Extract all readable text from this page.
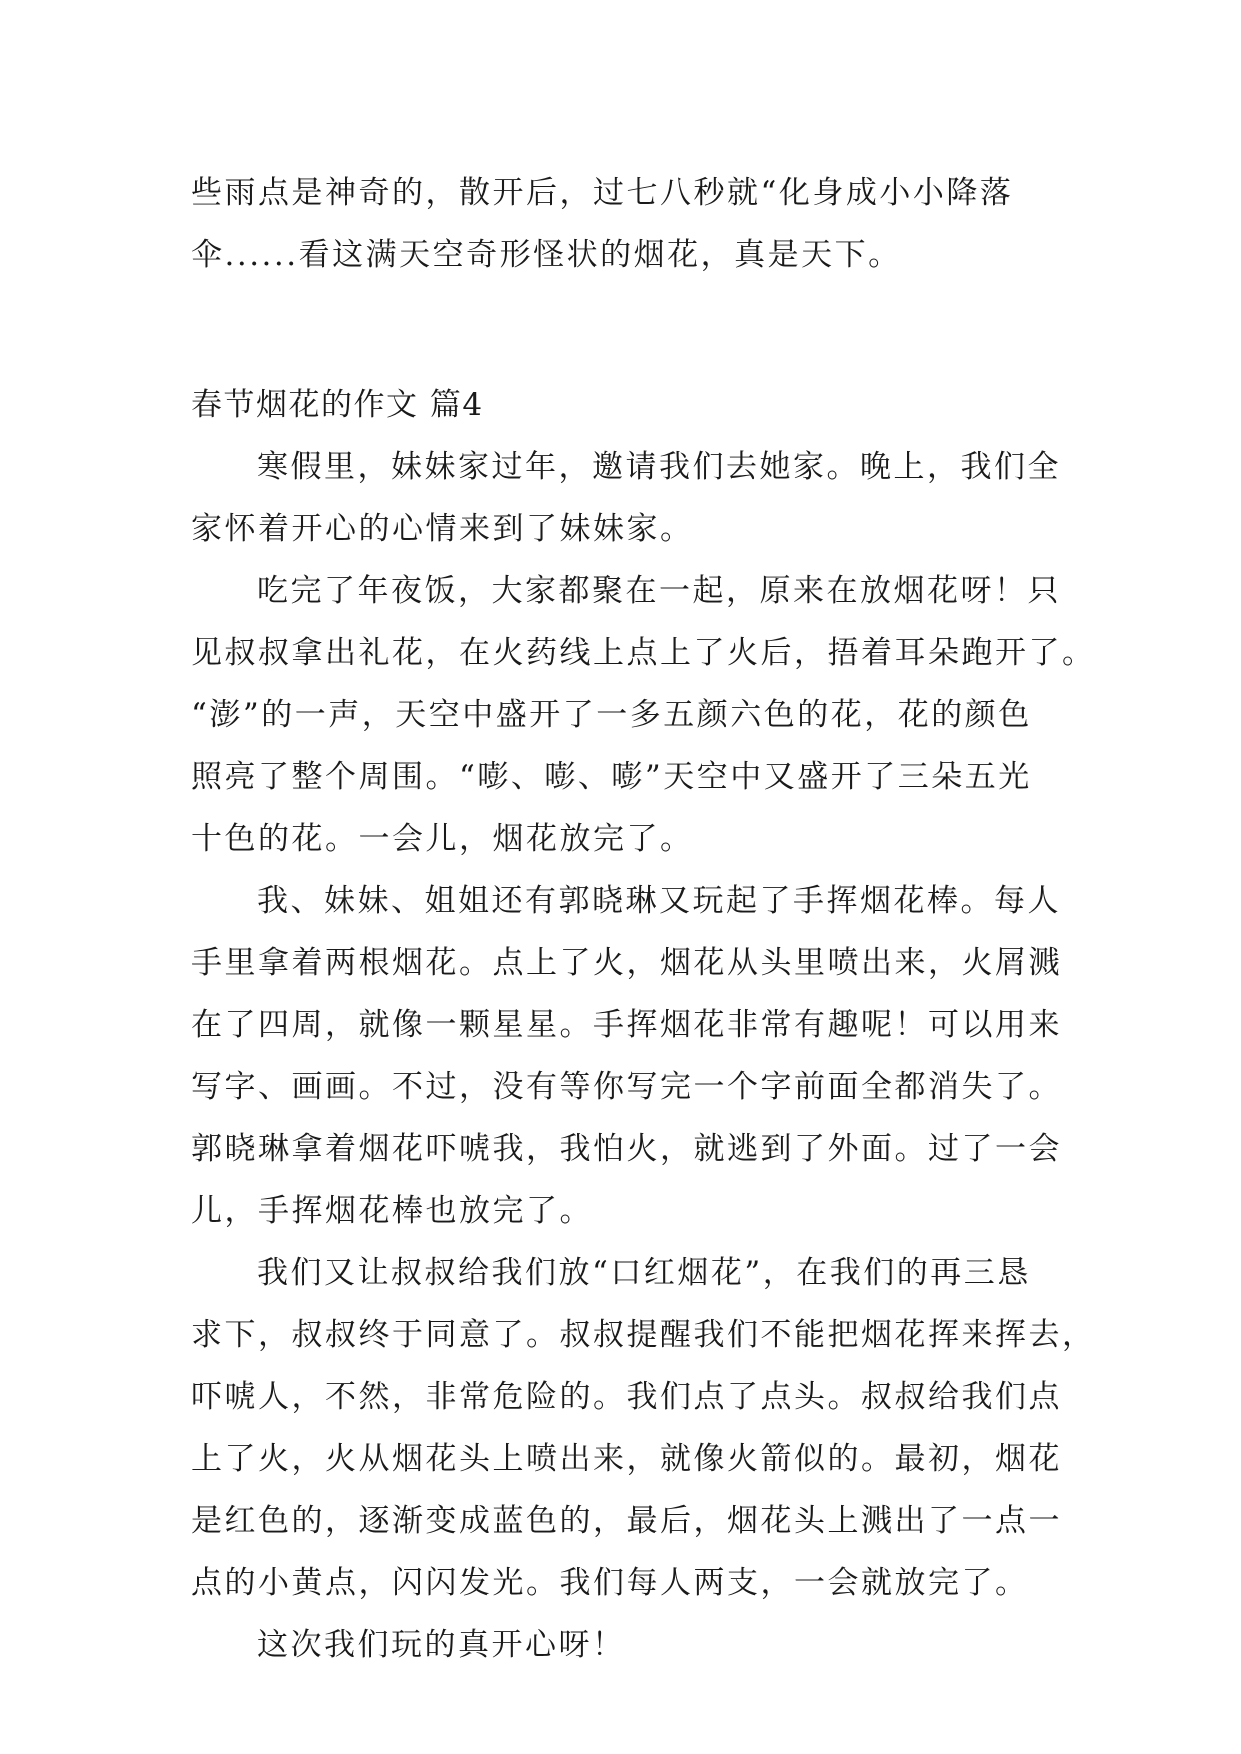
些雨点是神奇的，散开后，过七八秒就“化身成小小降落
伞......看这满天空奇形怪状的烟花，真是天下。
春节烟花的作文 篇4
寒假里，妹妹家过年，邀请我们去她家。晚上，我们全
家怀着开心的心情来到了妹妹家。
吃完了年夜饭，大家都聚在一起，原来在放烟花呀！只
见叔叔拿出礼花，在火药线上点上了火后，捂着耳朵跑开了。
“澎”的一声，天空中盛开了一多五颜六色的花，花的颜色
照亮了整个周围。“嘭、嘭、嘭”天空中又盛开了三朵五光
十色的花。一会儿，烟花放完了。
我、妹妹、姐姐还有郭晓琳又玩起了手挥烟花棒。每人
手里拿着两根烟花。点上了火，烟花从头里喷出来，火屑溅
在了四周，就像一颗星星。手挥烟花非常有趣呢！可以用来
写字、画画。不过，没有等你写完一个字前面全都消失了。
郭晓琳拿着烟花吓唬我，我怕火，就逃到了外面。过了一会
儿，手挥烟花棒也放完了。
我们又让叔叔给我们放“口红烟花”，在我们的再三恳
求下，叔叔终于同意了。叔叔提醒我们不能把烟花挥来挥去，
吓唬人，不然，非常危险的。我们点了点头。叔叔给我们点
上了火，火从烟花头上喷出来，就像火箭似的。最初，烟花
是红色的，逐渐变成蓝色的，最后，烟花头上溅出了一点一
点的小黄点，闪闪发光。我们每人两支，一会就放完了。
这次我们玩的真开心呀！
